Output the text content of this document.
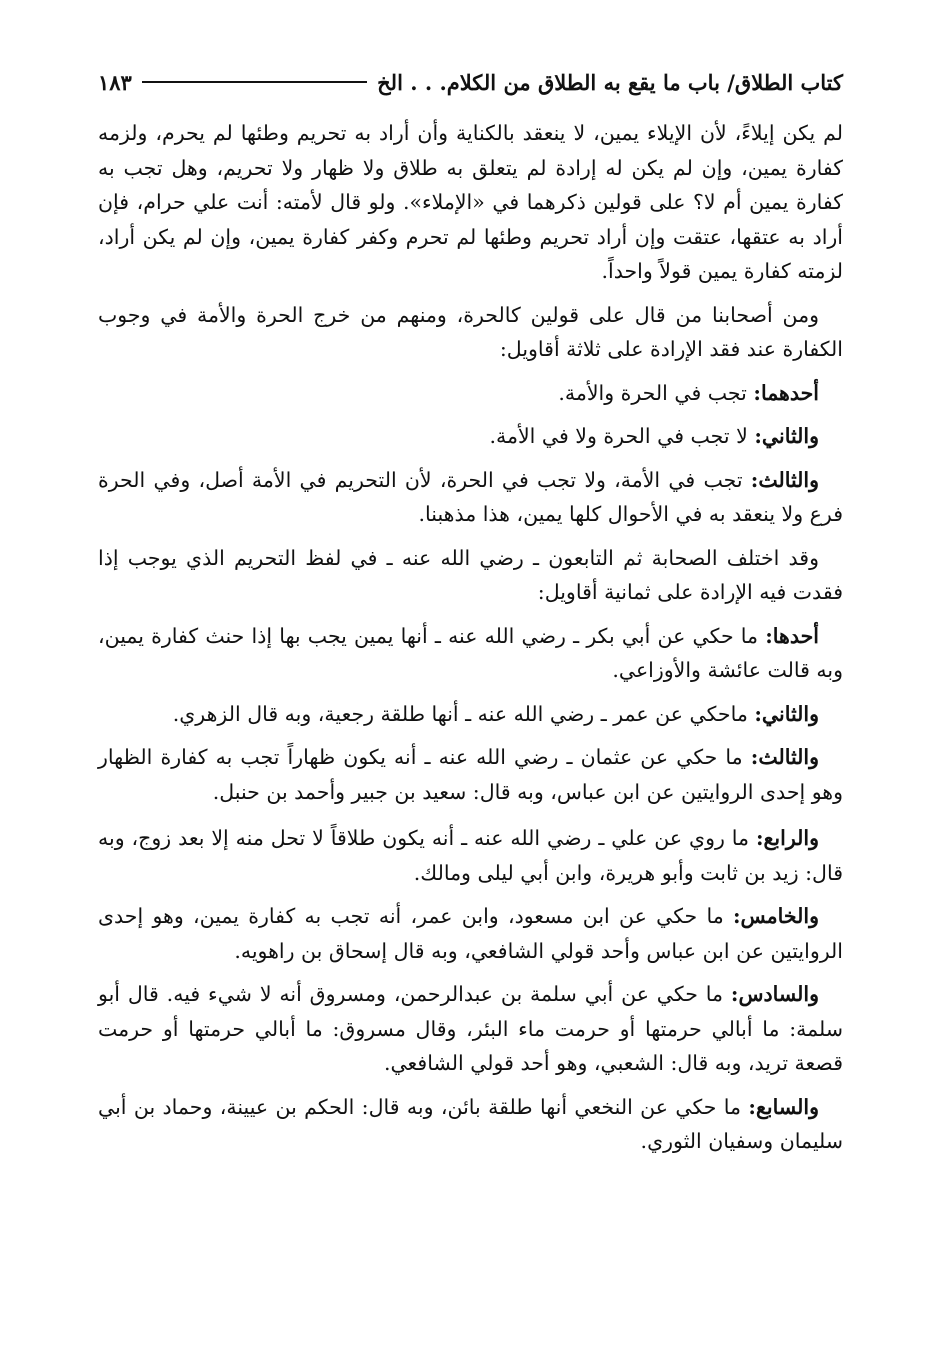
كتاب الطلاق/ باب ما يقع به الطلاق من الكلام. . . الخ
١٨٣

لم يكن إيلاءً، لأن الإيلاء يمين، لا ينعقد بالكناية وأن أراد به تحريم وطئها لم يحرم، ولزمه كفارة يمين، وإن لم يكن له إرادة لم يتعلق به طلاق ولا ظهار ولا تحريم، وهل تجب به كفارة يمين أم لا؟ على قولين ذكرهما في «الإملاء». ولو قال لأمته: أنت علي حرام، فإن أراد به عتقها، عتقت وإن أراد تحريم وطئها لم تحرم وكفر كفارة يمين، وإن لم يكن أراد، لزمته كفارة يمين قولاً واحداً.

ومن أصحابنا من قال على قولين كالحرة، ومنهم من خرج الحرة والأمة في وجوب الكفارة عند فقد الإرادة على ثلاثة أقاويل:

أحدهما: تجب في الحرة والأمة.

والثاني: لا تجب في الحرة ولا في الأمة.

والثالث: تجب في الأمة، ولا تجب في الحرة، لأن التحريم في الأمة أصل، وفي الحرة فرع ولا ينعقد به في الأحوال كلها يمين، هذا مذهبنا.

وقد اختلف الصحابة ثم التابعون ـ رضي الله عنه ـ في لفظ التحريم الذي يوجب إذا فقدت فيه الإرادة على ثمانية أقاويل:

أحدها: ما حكي عن أبي بكر ـ رضي الله عنه ـ أنها يمين يجب بها إذا حنث كفارة يمين، وبه قالت عائشة والأوزاعي.

والثاني: ماحكي عن عمر ـ رضي الله عنه ـ أنها طلقة رجعية، وبه قال الزهري.

والثالث: ما حكي عن عثمان ـ رضي الله عنه ـ أنه يكون ظهاراً تجب به كفارة الظهار وهو إحدى الروايتين عن ابن عباس، وبه قال: سعيد بن جبير وأحمد بن حنبل.

والرابع: ما روي عن علي ـ رضي الله عنه ـ أنه يكون طلاقاً لا تحل منه إلا بعد زوج، وبه قال: زيد بن ثابت وأبو هريرة، وابن أبي ليلى ومالك.

والخامس: ما حكي عن ابن مسعود، وابن عمر، أنه تجب به كفارة يمين، وهو إحدى الروايتين عن ابن عباس وأحد قولي الشافعي، وبه قال إسحاق بن راهويه.

والسادس: ما حكي عن أبي سلمة بن عبدالرحمن، ومسروق أنه لا شيء فيه. قال أبو سلمة: ما أبالي حرمتها أو حرمت ماء البئر، وقال مسروق: ما أبالي حرمتها أو حرمت قصعة تريد، وبه قال: الشعبي، وهو أحد قولي الشافعي.

والسابع: ما حكي عن النخعي أنها طلقة بائن، وبه قال: الحكم بن عيينة، وحماد بن أبي سليمان وسفيان الثوري.
